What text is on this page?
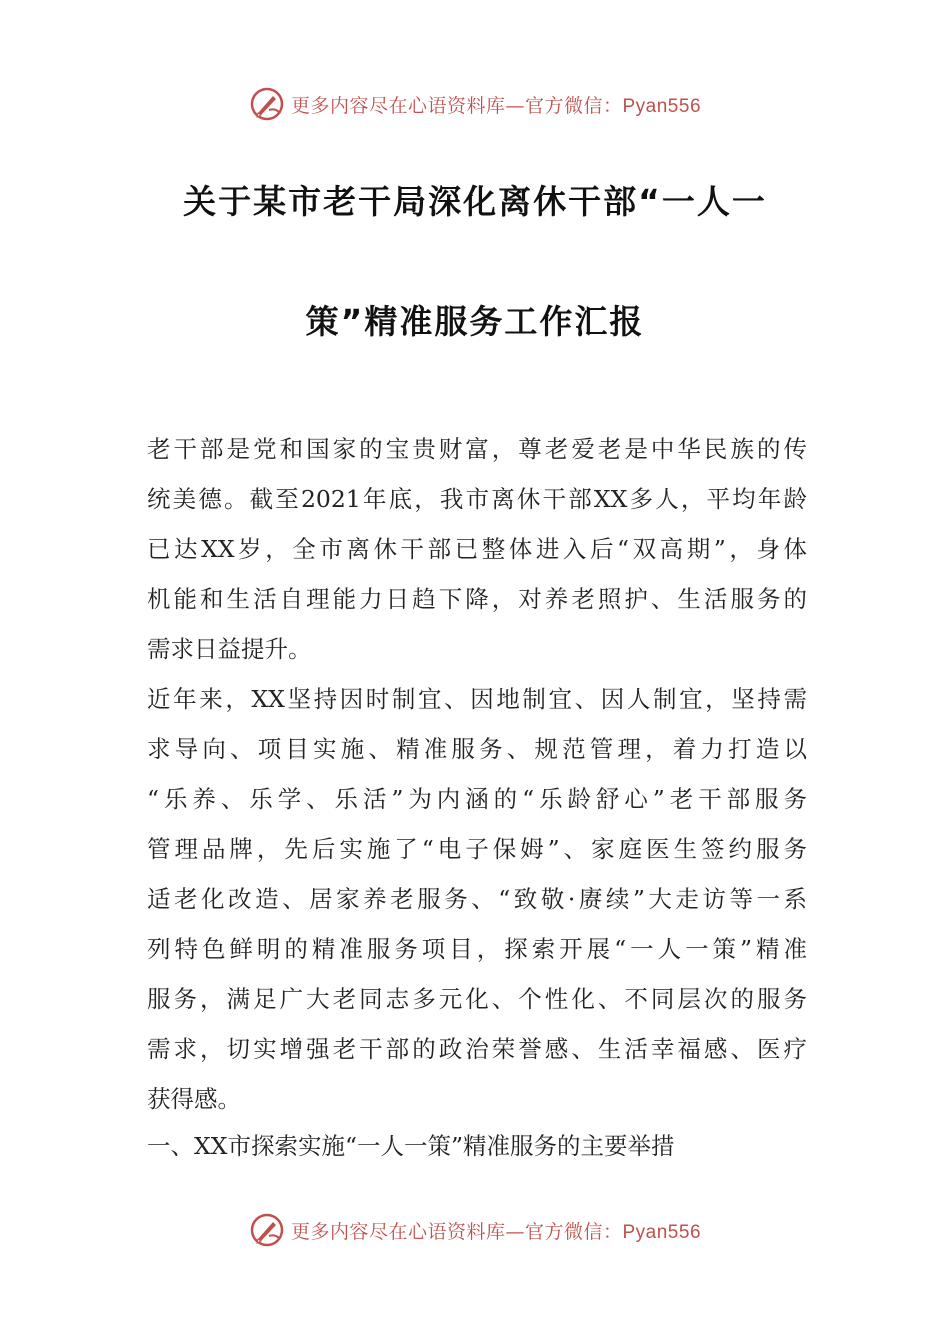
更多内容尽在心语资料库—官方微信：Pyan556
关于某市老干局深化离休干部“一人一
策”精准服务工作汇报
老干部是党和国家的宝贵财富，尊老爱老是中华民族的传
统美德。截至2021年底，我市离休干部XX多人，平均年龄
已达XX岁，全市离休干部已整体进入后“双高期”，身体
机能和生活自理能力日趋下降，对养老照护、生活服务的
需求日益提升。
近年来，XX坚持因时制宜、因地制宜、因人制宜，坚持需
求导向、项目实施、精准服务、规范管理，着力打造以
“乐养、乐学、乐活”为内涵的“乐龄舒心”老干部服务
管理品牌，先后实施了“电子保姆”、家庭医生签约服务
适老化改造、居家养老服务、“致敬·赓续”大走访等一系
列特色鲜明的精准服务项目，探索开展“一人一策”精准
服务，满足广大老同志多元化、个性化、不同层次的服务
需求，切实增强老干部的政治荣誉感、生活幸福感、医疗
获得感。
一、XX市探索实施“一人一策”精准服务的主要举措
更多内容尽在心语资料库—官方微信：Pyan556
